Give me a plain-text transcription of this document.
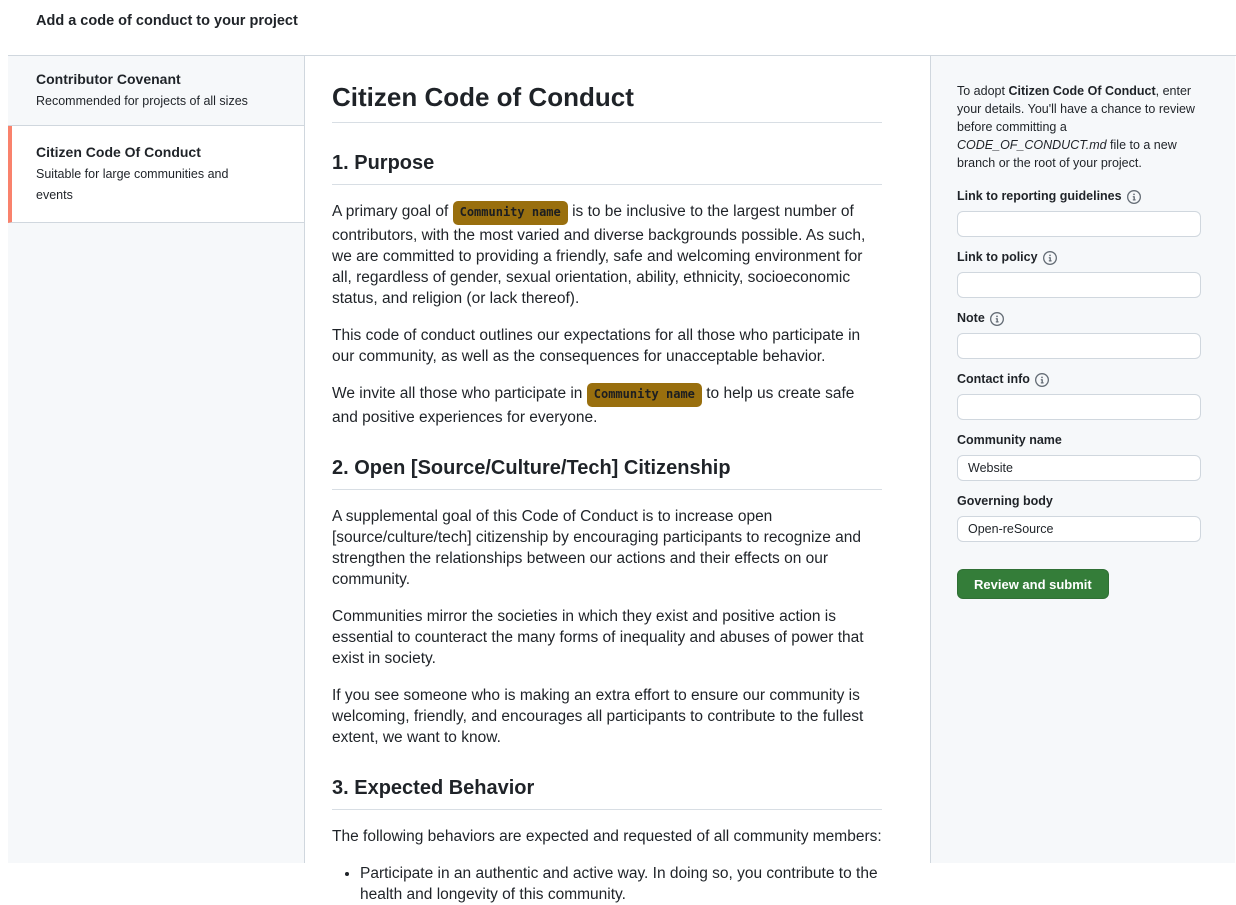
Add a code of conduct to your project
Contributor Covenant
Recommended for projects of all sizes
Citizen Code Of Conduct
Suitable for large communities and events
Citizen Code of Conduct
1. Purpose

A primary goal of Community name is to be inclusive to the largest number of contributors, with the most varied and diverse backgrounds possible. As such, we are committed to providing a friendly, safe and welcoming environment for all, regardless of gender, sexual orientation, ability, ethnicity, socioeconomic status, and religion (or lack thereof).

This code of conduct outlines our expectations for all those who participate in our community, as well as the consequences for unacceptable behavior.

We invite all those who participate in Community name to help us create safe and positive experiences for everyone.

2. Open [Source/Culture/Tech] Citizenship

A supplemental goal of this Code of Conduct is to increase open [source/culture/tech] citizenship by encouraging participants to recognize and strengthen the relationships between our actions and their effects on our community.

Communities mirror the societies in which they exist and positive action is essential to counteract the many forms of inequality and abuses of power that exist in society.

If you see someone who is making an extra effort to ensure our community is welcoming, friendly, and encourages all participants to contribute to the fullest extent, we want to know.

3. Expected Behavior

The following behaviors are expected and requested of all community members:

• Participate in an authentic and active way. In doing so, you contribute to the health and longevity of this community.
To adopt Citizen Code Of Conduct, enter your details. You'll have a chance to review before committing a CODE_OF_CONDUCT.md file to a new branch or the root of your project.
Link to reporting guidelines
Link to policy
Note
Contact info
Community name
Website
Governing body
Open-reSource
Review and submit
